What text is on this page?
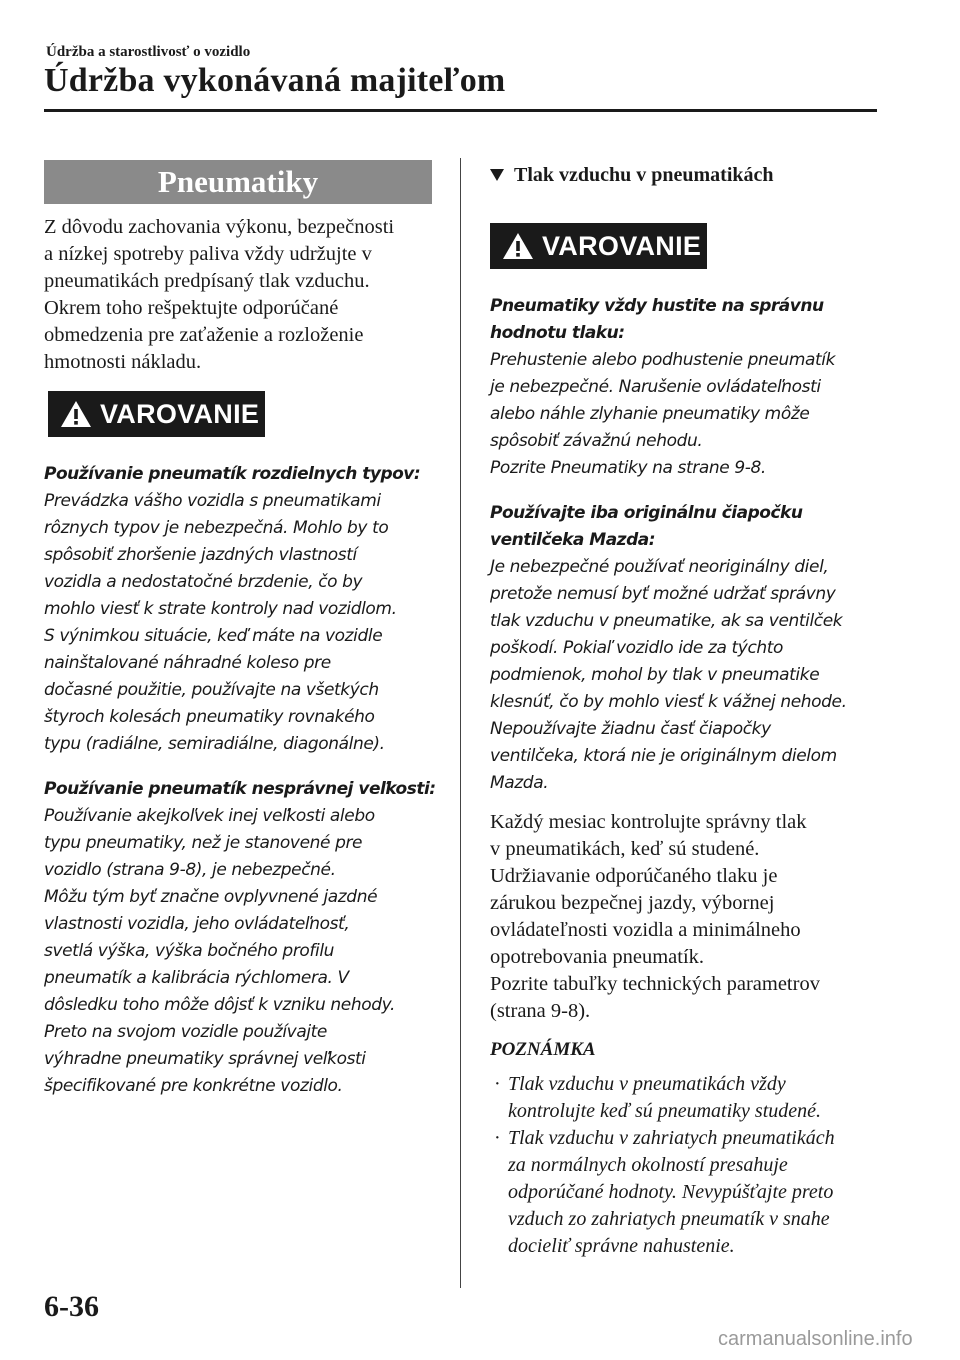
Údržba a starostlivosť o vozidlo
Údržba vykonávaná majiteľom
Pneumatiky

Z dôvodu zachovania výkonu, bezpečnosti

a nízkej spotreby paliva vždy udržujte v

pneumatikách predpísaný tlak vzduchu.

Okrem toho rešpektujte odporúčané

obmedzenia pre zaťaženie a rozloženie

hmotnosti nákladu.

VAROVANIE

Používanie pneumatík rozdielnych typov:

Prevádzka vášho vozidla s pneumatikami

rôznych typov je nebezpečná. Mohlo by to

spôsobiť zhoršenie jazdných vlastností

vozidla a nedostatočné brzdenie, čo by

mohlo viesť k strate kontroly nad vozidlom.

S výnimkou situácie, keď máte na vozidle

nainštalované náhradné koleso pre

dočasné použitie, používajte na všetkých

štyroch kolesách pneumatiky rovnakého

typu (radiálne, semiradiálne, diagonálne).

Používanie pneumatík nesprávnej veľkosti:

Používanie akejkoľvek inej veľkosti alebo

typu pneumatiky, než je stanovené pre

vozidlo (strana 9-8), je nebezpečné.

Môžu tým byť značne ovplyvnené jazdné

vlastnosti vozidla, jeho ovládateľnosť,

svetlá výška, výška bočného profilu

pneumatík a kalibrácia rýchlomera. V

dôsledku toho môže dôjsť k vzniku nehody.

Preto na svojom vozidle používajte

výhradne pneumatiky správnej veľkosti

špecifikované pre konkrétne vozidlo.

Tlak vzduchu v pneumatikách
VAROVANIE

Pneumatiky vždy hustite na správnu

hodnotu tlaku:

Prehustenie alebo podhustenie pneumatík

je nebezpečné. Narušenie ovládateľnosti

alebo náhle zlyhanie pneumatiky môže

spôsobiť závažnú nehodu.

Pozrite Pneumatiky na strane 9-8.

Používajte iba originálnu čiapočku

ventilčeka Mazda:

Je nebezpečné používať neoriginálny diel,

pretože nemusí byť možné udržať správny

tlak vzduchu v pneumatike, ak sa ventilček

poškodí. Pokiaľ vozidlo ide za týchto

podmienok, mohol by tlak v pneumatike

klesnúť, čo by mohlo viesť k vážnej nehode.

Nepoužívajte žiadnu časť čiapočky

ventilčeka, ktorá nie je originálnym dielom

Mazda.

Každý mesiac kontrolujte správny tlak

v pneumatikách, keď sú studené.

Udržiavanie odporúčaného tlaku je

zárukou bezpečnej jazdy, výbornej

ovládateľnosti vozidla a minimálneho

opotrebovania pneumatík.

Pozrite tabuľky technických parametrov

(strana 9-8).

POZNÁMKA

· Tlak vzduchu v pneumatikách vždy
kontrolujte keď sú pneumatiky studené.
· Tlak vzduchu v zahriatych pneumatikách
za normálnych okolností presahuje
odporúčané hodnoty. Nevypúšťajte preto
vzduch zo zahriatych pneumatík v snahe
docieliť správne nahustenie.
6-36
carmanualsonline.info
